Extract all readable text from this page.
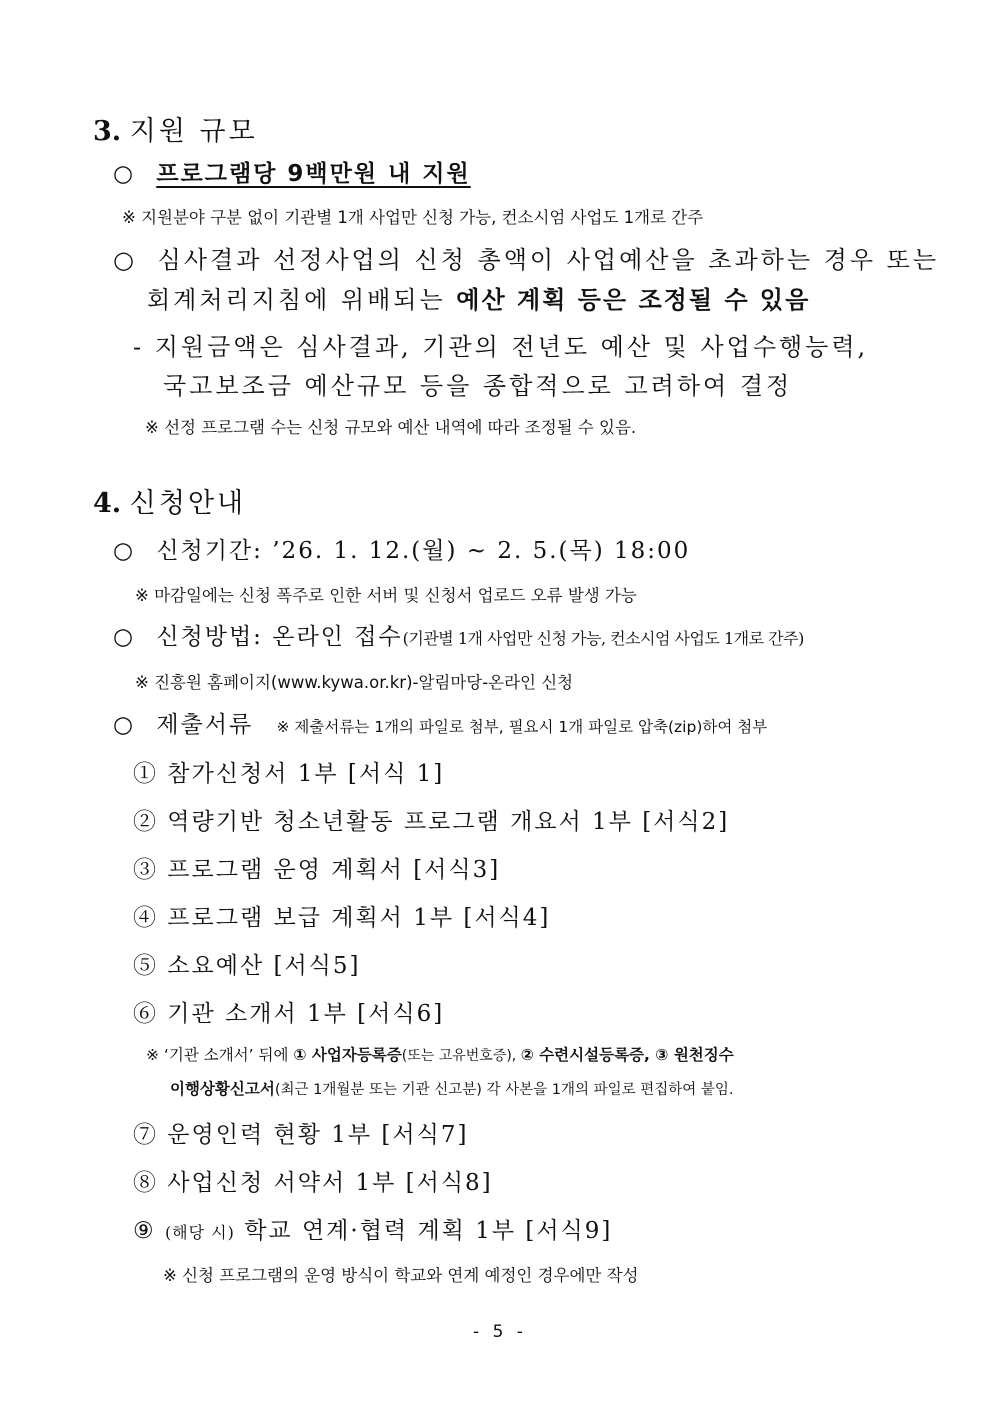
3. 지원 규모
○ 프로그램당 9백만원 내 지원
※ 지원분야 구분 없이 기관별 1개 사업만 신청 가능, 컨소시엄 사업도 1개로 간주
○ 심사결과 선정사업의 신청 총액이 사업예산을 초과하는 경우 또는
회계처리지침에 위배되는 예산 계획 등은 조정될 수 있음
- 지원금액은 심사결과, 기관의 전년도 예산 및 사업수행능력,
국고보조금 예산규모 등을 종합적으로 고려하여 결정
※ 선정 프로그램 수는 신청 규모와 예산 내역에 따라 조정될 수 있음.
4. 신청안내
○ 신청기간: ’26. 1. 12.(월) ~ 2. 5.(목) 18:00
※ 마감일에는 신청 폭주로 인한 서버 및 신청서 업로드 오류 발생 가능
○ 신청방법: 온라인 접수(기관별 1개 사업만 신청 가능, 컨소시엄 사업도 1개로 간주)
※ 진흥원 홈페이지(www.kywa.or.kr)-알림마당-온라인 신청
○ 제출서류 ※ 제출서류는 1개의 파일로 첨부, 필요시 1개 파일로 압축(zip)하여 첨부
① 참가신청서 1부 [서식 1]
② 역량기반 청소년활동 프로그램 개요서 1부 [서식2]
③ 프로그램 운영 계획서 [서식3]
④ 프로그램 보급 계획서 1부 [서식4]
⑤ 소요예산 [서식5]
⑥ 기관 소개서 1부 [서식6]
※ ‘기관 소개서’ 뒤에 ① 사업자등록증(또는 고유번호증), ② 수련시설등록증, ③ 원천징수
이행상황신고서(최근 1개월분 또는 기관 신고분) 각 사본을 1개의 파일로 편집하여 붙임.
⑦ 운영인력 현황 1부 [서식7]
⑧ 사업신청 서약서 1부 [서식8]
⑨ (해당 시) 학교 연계·협력 계획 1부 [서식9]
※ 신청 프로그램의 운영 방식이 학교와 연계 예정인 경우에만 작성
- 5 -
